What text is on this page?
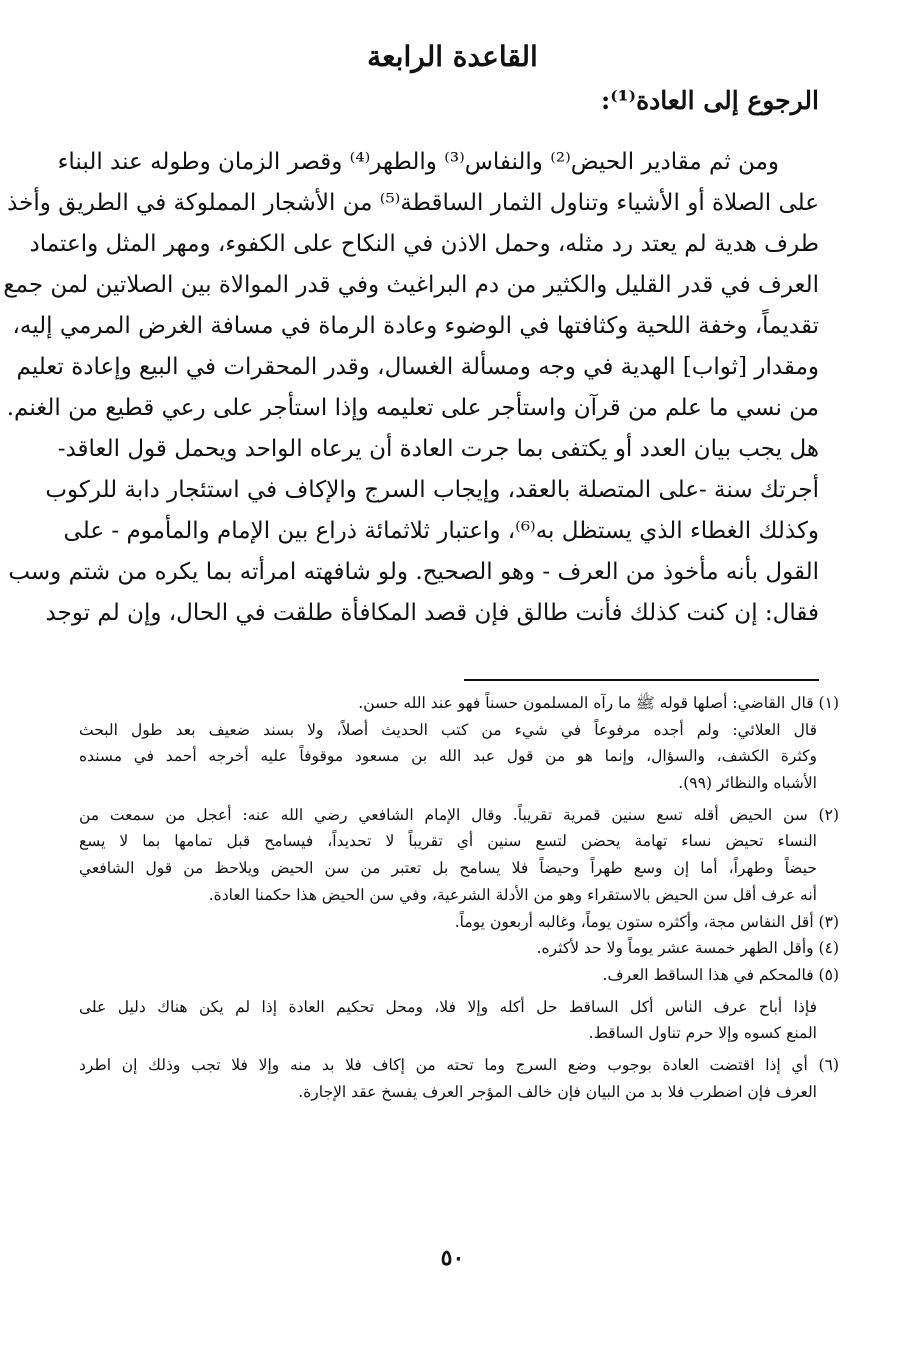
القاعدة الرابعة
الرجوع إلى العادة⁽¹⁾:
ومن ثم مقادير الحيض⁽²⁾ والنفاس⁽³⁾ والطهر⁽⁴⁾ وقصر الزمان وطوله عند البناء
على الصلاة أو الأشياء وتناول الثمار الساقطة⁽⁵⁾ من الأشجار المملوكة في الطريق وأخذ
طرف هدية لم يعتد رد مثله، وحمل الاذن في النكاح على الكفوء، ومهر المثل واعتماد
العرف في قدر القليل والكثير من دم البراغيث وفي قدر الموالاة بين الصلاتين لمن جمع
تقديماً، وخفة اللحية وكثافتها في الوضوء وعادة الرماة في مسافة الغرض المرمي إليه،
ومقدار [ثواب] الهدية في وجه ومسألة الغسال، وقدر المحقرات في البيع وإعادة تعليم
من نسي ما علم من قرآن واستأجر على تعليمه وإذا استأجر على رعي قطيع من الغنم.
هل يجب بيان العدد أو يكتفى بما جرت العادة أن يرعاه الواحد ويحمل قول العاقد-
أجرتك سنة -على المتصلة بالعقد، وإيجاب السرج والإكاف في استئجار دابة للركوب
وكذلك الغطاء الذي يستظل به⁽⁶⁾، واعتبار ثلاثمائة ذراع بين الإمام والمأموم - على
القول بأنه مأخوذ من العرف - وهو الصحيح. ولو شافهته امرأته بما يكره من شتم وسب
فقال: إن كنت كذلك فأنت طالق فإن قصد المكافأة طلقت في الحال، وإن لم توجد
(١) قال القاضي: أصلها قوله ﷺ ما رآه المسلمون حسناً فهو عند الله حسن.
قال العلائي: ولم أجده مرفوعاً في شيء من كتب الحديث أصلاً، ولا بسند ضعيف بعد طول البحث
وكثرة الكشف، والسؤال، وإنما هو من قول عبد الله بن مسعود موقوفاً عليه أخرجه أحمد في مسنده
الأشباه والنظائر (٩٩).
(٢) سن الحيض أقله تسع سنين قمرية تقريباً. وقال الإمام الشافعي رضي الله عنه: أعجل من سمعت من
النساء تحيض نساء تهامة يحضن لتسع سنين أي تقريباً لا تحديداً، فيسامح قبل تمامها بما لا يسع
حيضاً وطهراً، أما إن وسع طهراً وحيضاً فلا يسامح بل تعتبر من سن الحيض ويلاحظ من قول الشافعي
أنه عرف أقل سن الحيض بالاستقراء وهو من الأدلة الشرعية، وفي سن الحيض هذا حكمنا العادة.
(٣) أقل النفاس مجة، وأكثره ستون يوماً، وغالبه أربعون يوماً.
(٤) وأقل الطهر خمسة عشر يوماً ولا حد لأكثره.
(٥) فالمحكم في هذا الساقط العرف.
فإذا أباح عرف الناس أكل الساقط حل أكله وإلا فلا، ومحل تحكيم العادة إذا لم يكن هناك دليل على
المنع كسوه وإلا حرم تناول الساقط.
(٦) أي إذا اقتضت العادة بوجوب وضع السرج وما تحته من إكاف فلا بد منه وإلا فلا تجب وذلك إن اطرد
العرف فإن اضطرب فلا بد من البيان فإن خالف المؤجر العرف يفسخ عقد الإجارة.
٥٠
